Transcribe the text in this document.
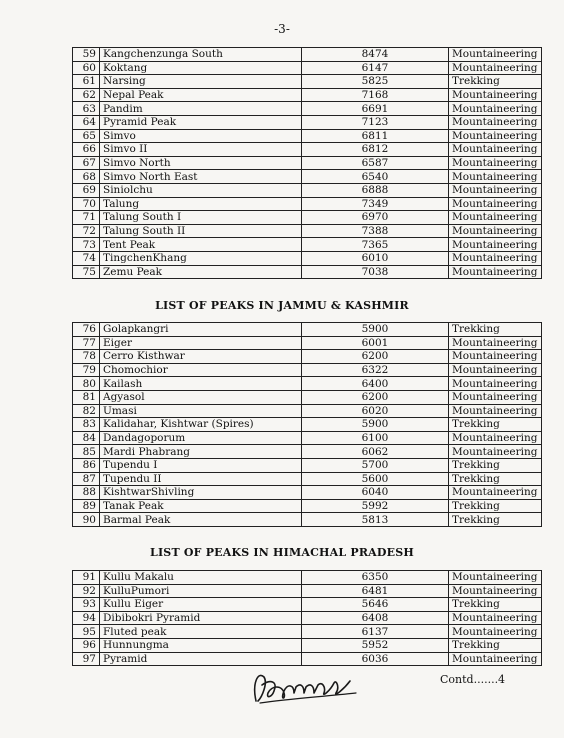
-3-
59	Kangchenzunga South	8474	Mountaineering
60	Koktang	6147	Mountaineering
61	Narsing	5825	Trekking
62	Nepal Peak	7168	Mountaineering
63	Pandim	6691	Mountaineering
64	Pyramid Peak	7123	Mountaineering
65	Simvo	6811	Mountaineering
66	Simvo II	6812	Mountaineering
67	Simvo North	6587	Mountaineering
68	Simvo North East	6540	Mountaineering
69	Siniolchu	6888	Mountaineering
70	Talung	7349	Mountaineering
71	Talung South I	6970	Mountaineering
72	Talung South II	7388	Mountaineering
73	Tent Peak	7365	Mountaineering
74	TingchenKhang	6010	Mountaineering
75	Zemu Peak	7038	Mountaineering
LIST OF PEAKS IN JAMMU & KASHMIR
76	Golapkangri	5900	Trekking
77	Eiger	6001	Mountaineering
78	Cerro Kisthwar	6200	Mountaineering
79	Chomochior	6322	Mountaineering
80	Kailash	6400	Mountaineering
81	Agyasol	6200	Mountaineering
82	Umasi	6020	Mountaineering
83	Kalidahar, Kishtwar (Spires)	5900	Trekking
84	Dandagoporum	6100	Mountaineering
85	Mardi Phabrang	6062	Mountaineering
86	Tupendu I	5700	Trekking
87	Tupendu II	5600	Trekking
88	KishtwarShivling	6040	Mountaineering
89	Tanak Peak	5992	Trekking
90	Barmal Peak	5813	Trekking
LIST OF PEAKS IN HIMACHAL PRADESH
91	Kullu Makalu	6350	Mountaineering
92	KulluPumori	6481	Mountaineering
93	Kullu Eiger	5646	Trekking
94	Dibibokri Pyramid	6408	Mountaineering
95	Fluted peak	6137	Mountaineering
96	Hunnungma	5952	Trekking
97	Pyramid	6036	Mountaineering
Contd.......4
